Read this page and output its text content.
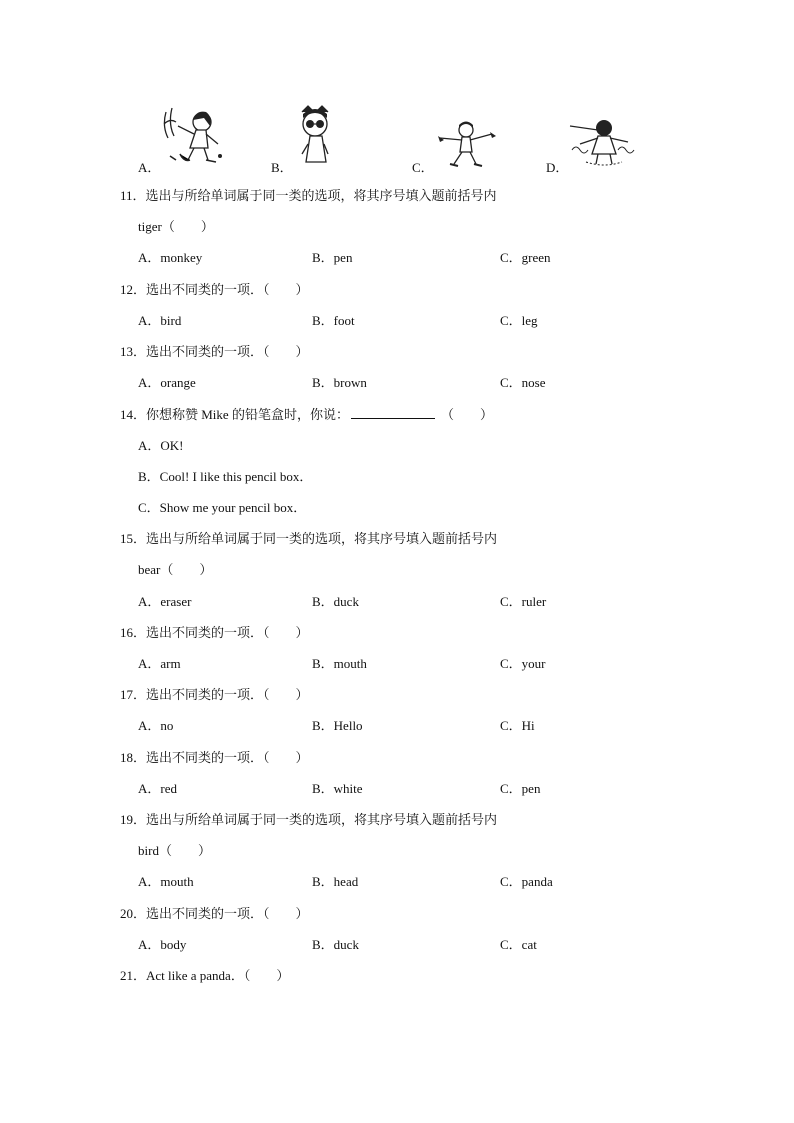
A．	B．	C．	D．
11．选出与所给单词属于同一类的选项，将其序号填入题前括号内
tiger（　　）
A．monkey	B．pen	C．green
12．选出不同类的一项．（　　）
A．bird	B．foot	C．leg
13．选出不同类的一项．（　　）
A．orange	B．brown	C．nose
14．你想称赞 Mike 的铅笔盒时，你说：	（　　）
A．OK!
B．Cool! I like this pencil box．
C．Show me your pencil box．
15．选出与所给单词属于同一类的选项，将其序号填入题前括号内
bear（　　）
A．eraser	B．duck	C．ruler
16．选出不同类的一项．（　　）
A．arm	B．mouth	C．your
17．选出不同类的一项．（　　）
A．no	B．Hello	C．Hi
18．选出不同类的一项．（　　）
A．red	B．white	C．pen
19．选出与所给单词属于同一类的选项，将其序号填入题前括号内
bird（　　）
A．mouth	B．head	C．panda
20．选出不同类的一项．（　　）
A．body	B．duck	C．cat
21．Act like a panda．（　　）
